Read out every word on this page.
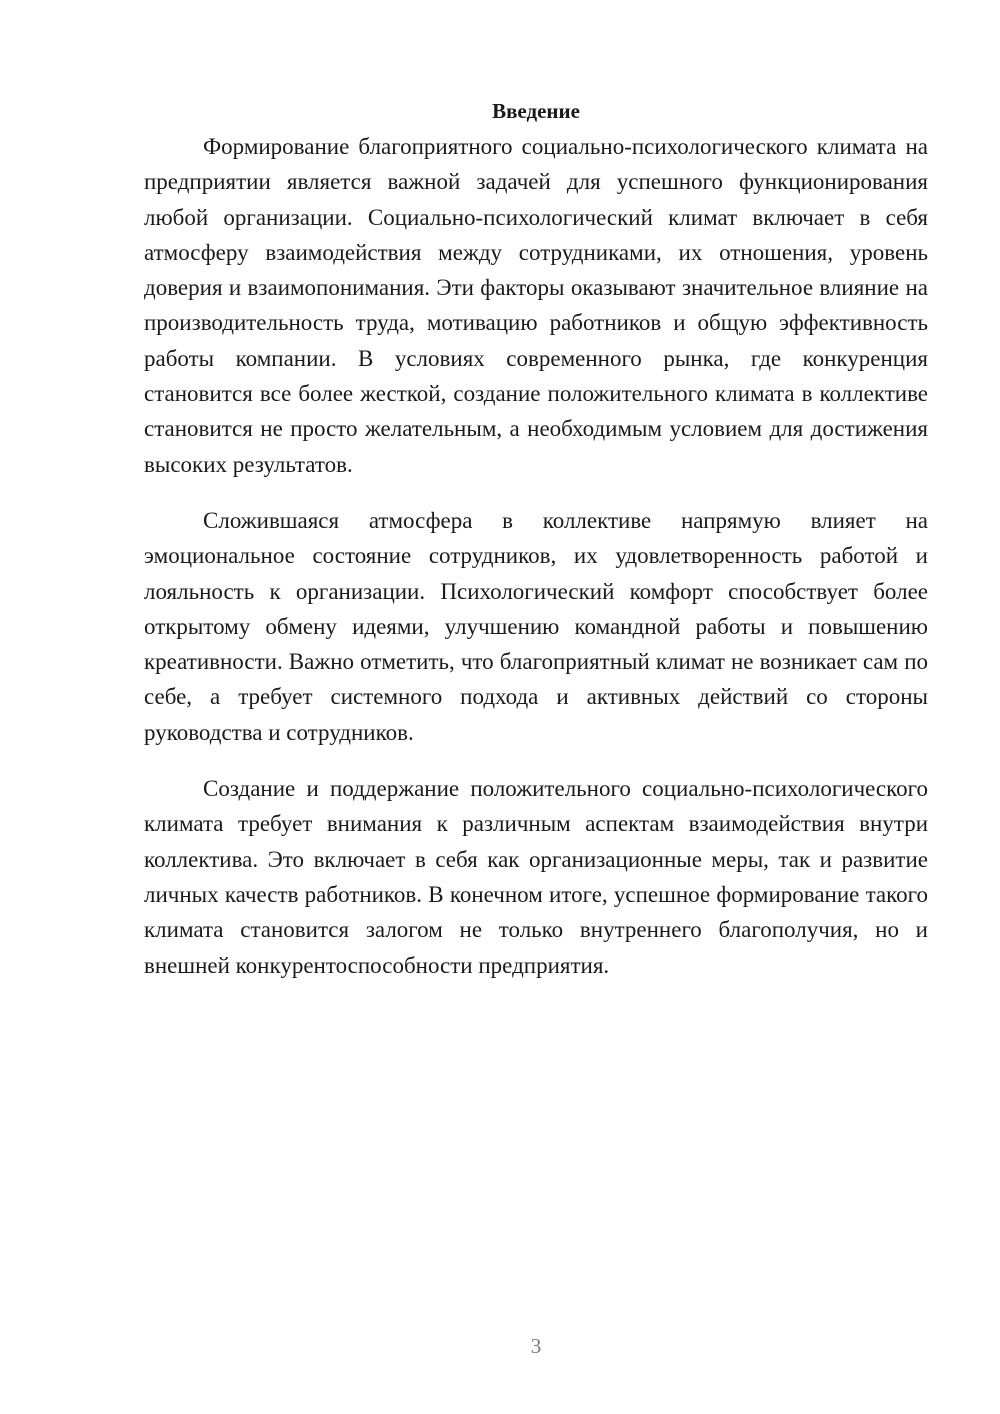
Введение

Формирование благоприятного социально-психологического климата на предприятии является важной задачей для успешного функционирования любой организации. Социально-психологический климат включает в себя атмосферу взаимодействия между сотрудниками, их отношения, уровень доверия и взаимопонимания. Эти факторы оказывают значительное влияние на производительность труда, мотивацию работников и общую эффективность работы компании. В условиях современного рынка, где конкуренция становится все более жесткой, создание положительного климата в коллективе становится не просто желательным, а необходимым условием для достижения высоких результатов.

Сложившаяся атмосфера в коллективе напрямую влияет на эмоциональное состояние сотрудников, их удовлетворенность работой и лояльность к организации. Психологический комфорт способствует более открытому обмену идеями, улучшению командной работы и повышению креативности. Важно отметить, что благоприятный климат не возникает сам по себе, а требует системного подхода и активных действий со стороны руководства и сотрудников.

Создание и поддержание положительного социально-психологического климата требует внимания к различным аспектам взаимодействия внутри коллектива. Это включает в себя как организационные меры, так и развитие личных качеств работников. В конечном итоге, успешное формирование такого климата становится залогом не только внутреннего благополучия, но и внешней конкурентоспособности предприятия.

3
